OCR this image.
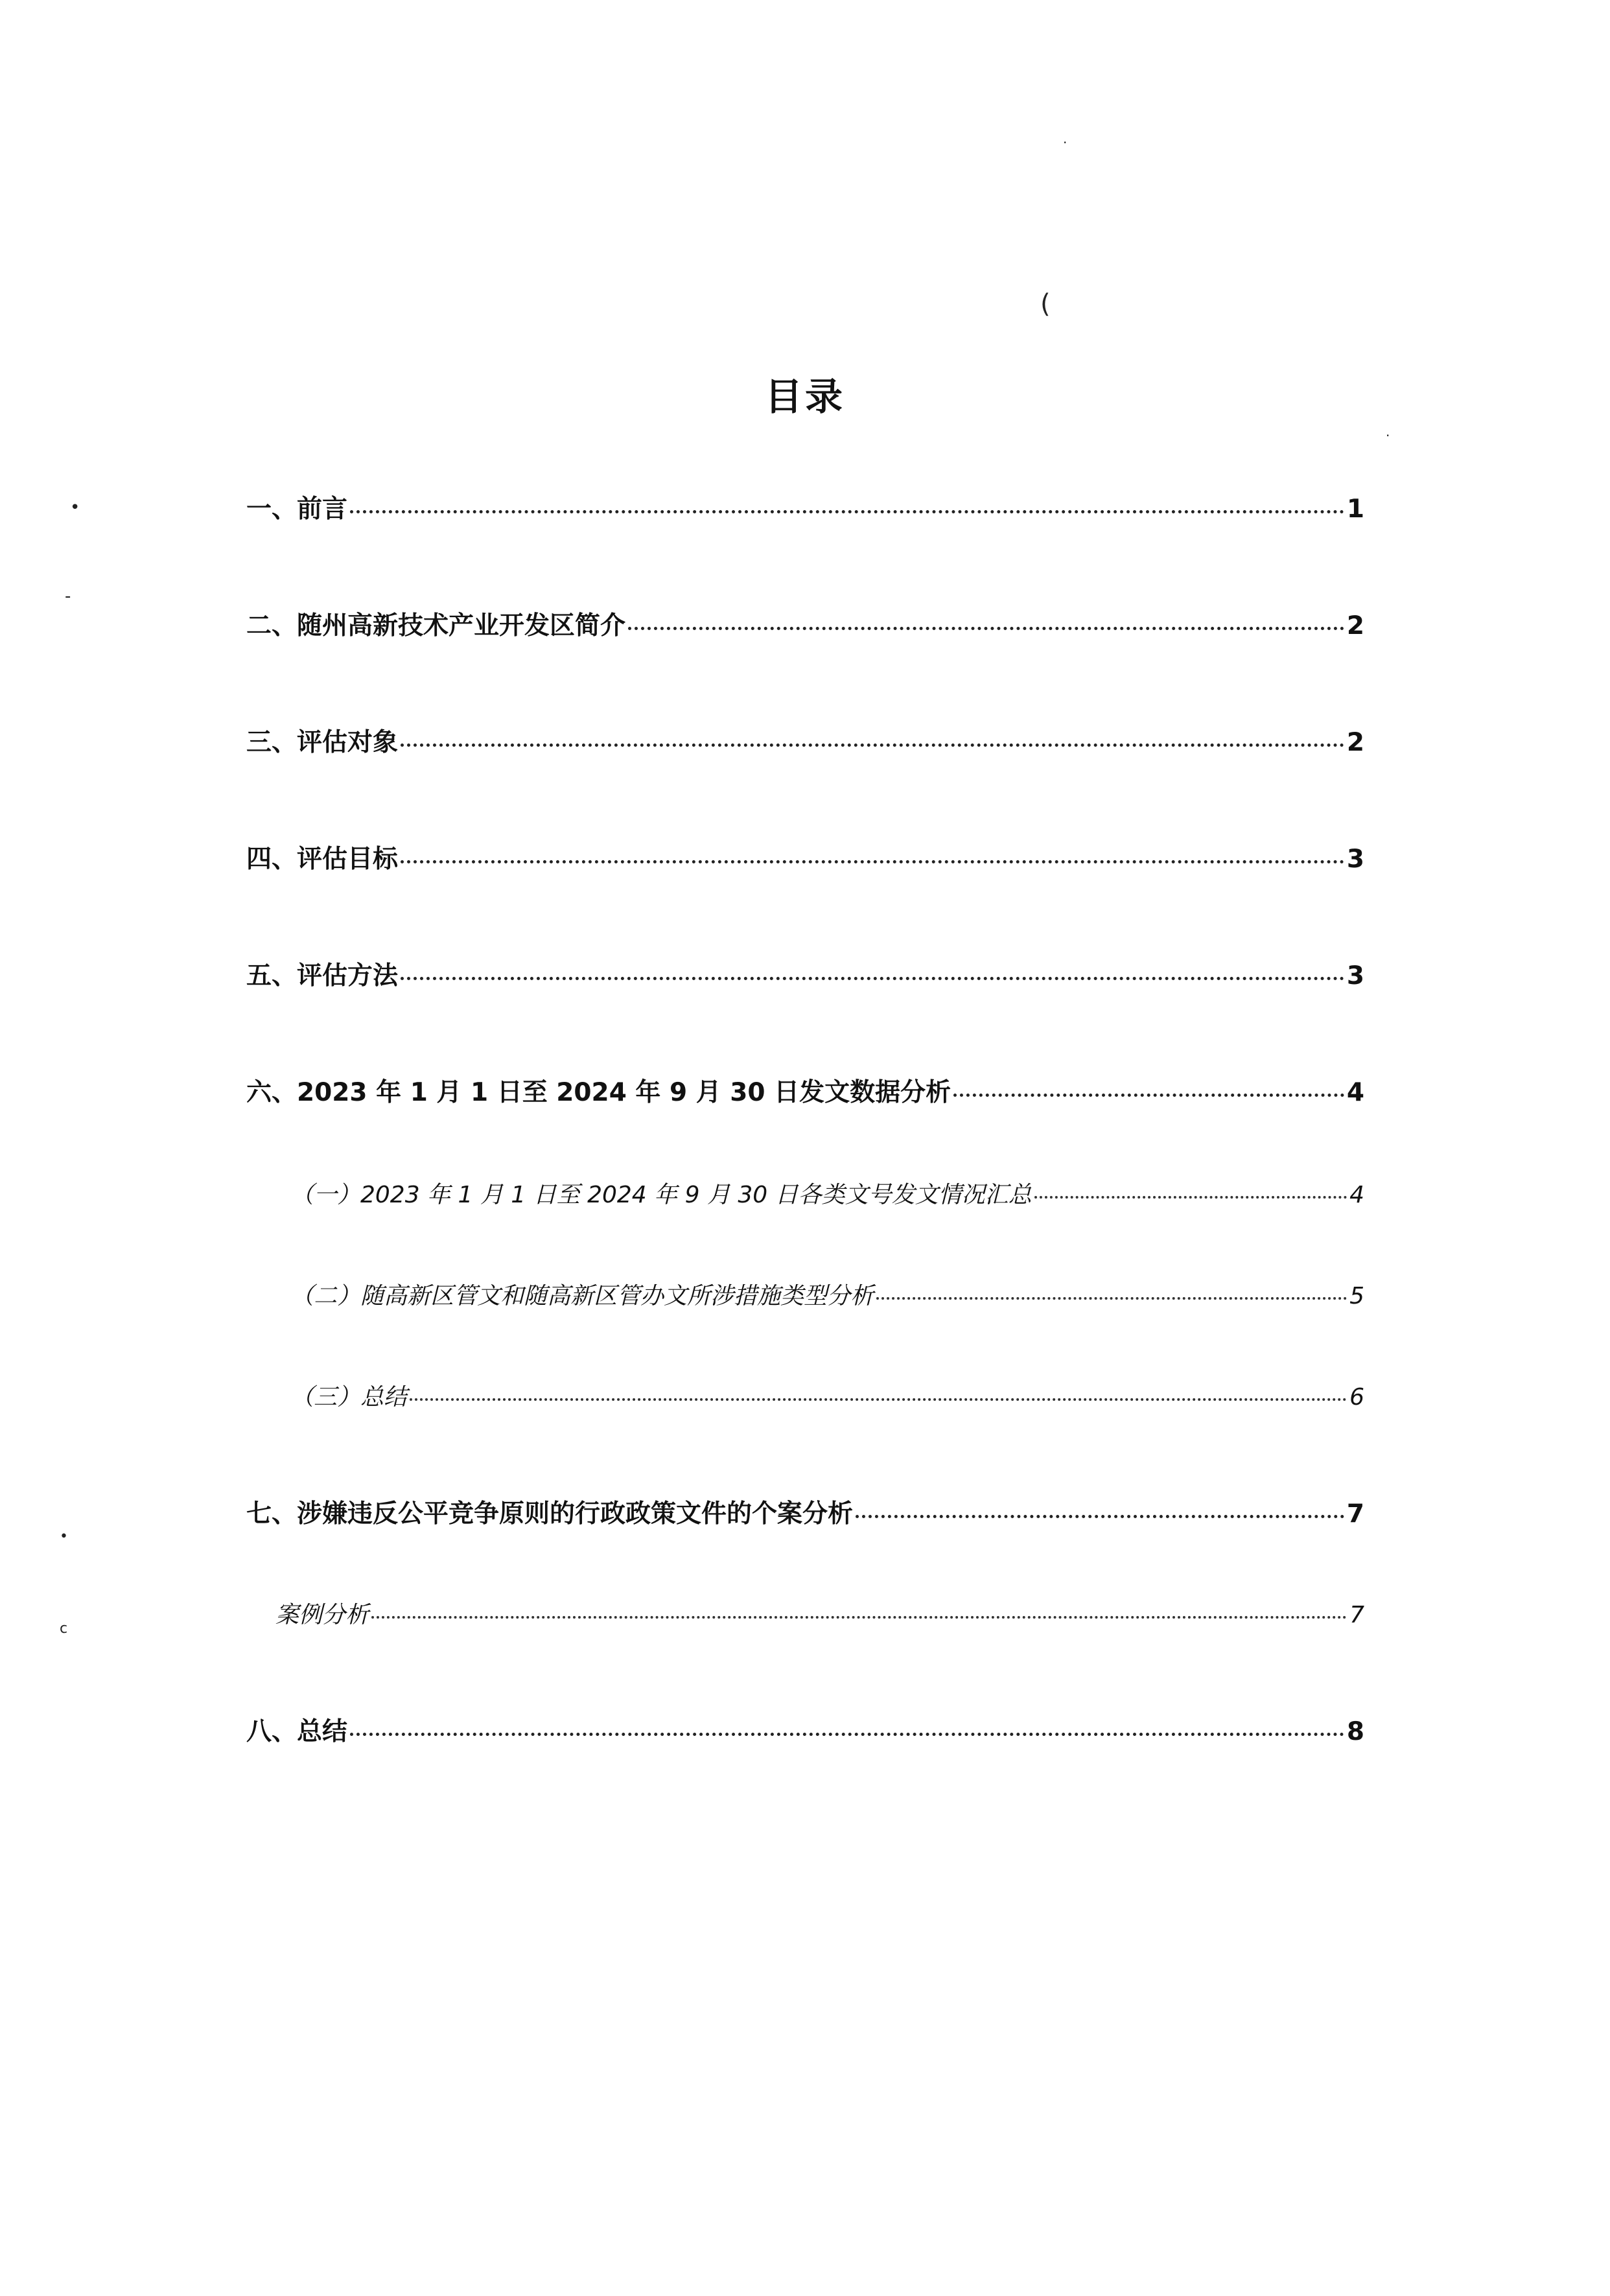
·
(
·
•
-
•
c
目录
一、前言	1
二、随州高新技术产业开发区简介	2
三、评估对象	2
四、评估目标	3
五、评估方法	3
六、2023 年 1 月 1 日至 2024 年 9 月 30 日发文数据分析	4
（一）2023 年 1 月 1 日至 2024 年 9 月 30 日各类文号发文情况汇总	4
（二）随高新区管文和随高新区管办文所涉措施类型分析	5
（三）总结	6
七、涉嫌违反公平竞争原则的行政政策文件的个案分析	7
案例分析	7
八、总结	8
